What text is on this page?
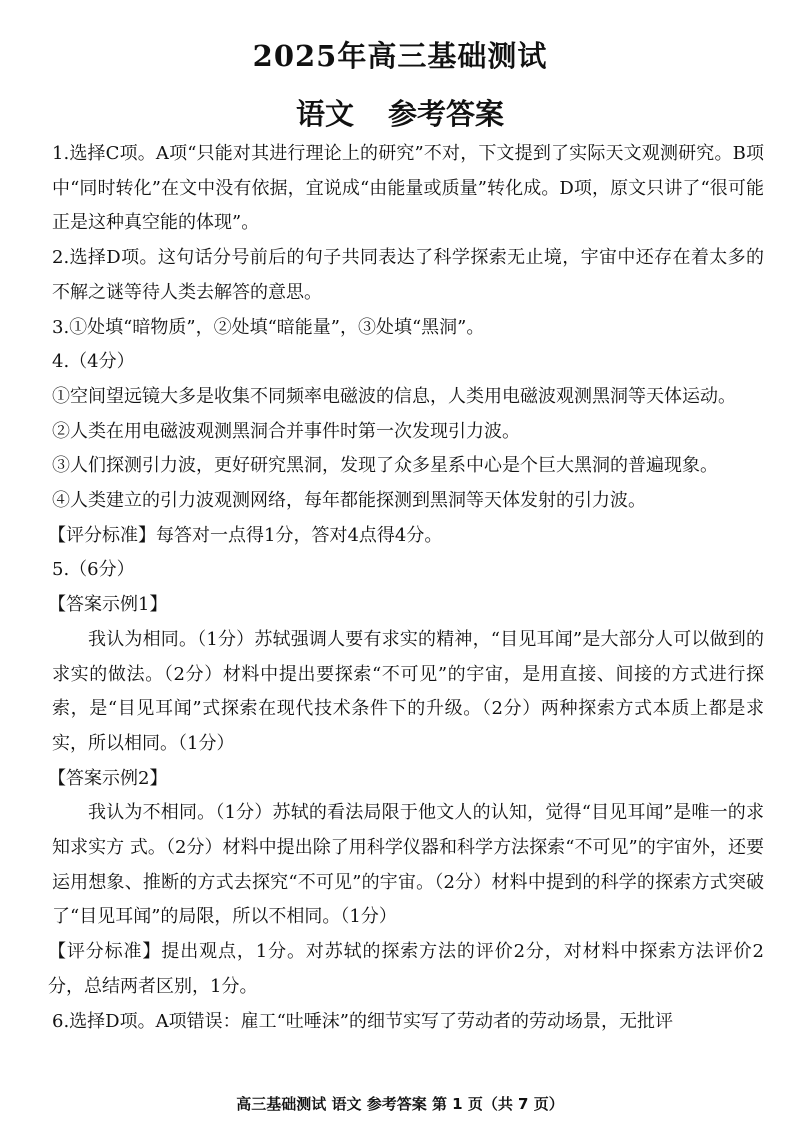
2025年高三基础测试
语文 参考答案

1.选择C项。A项“只能对其进行理论上的研究”不对，下文提到了实际天文观测研究。B项中“同时转化”在文中没有依据，宜说成“由能量或质量”转化成。D项，原文只讲了“很可能正是这种真空能的体现”。

2.选择D项。这句话分号前后的句子共同表达了科学探索无止境，宇宙中还存在着太多的不解之谜等待人类去解答的意思。

3.①处填“暗物质”，②处填“暗能量”，③处填“黑洞”。

4.（4分）

①空间望远镜大多是收集不同频率电磁波的信息，人类用电磁波观测黑洞等天体运动。

②人类在用电磁波观测黑洞合并事件时第一次发现引力波。

③人们探测引力波，更好研究黑洞，发现了众多星系中心是个巨大黑洞的普遍现象。

④人类建立的引力波观测网络，每年都能探测到黑洞等天体发射的引力波。

【评分标准】每答对一点得1分，答对4点得4分。

5.（6分）

【答案示例1】

我认为相同。（1分）苏轼强调人要有求实的精神，“目见耳闻”是大部分人可以做到的求实的做法。（2分）材料中提出要探索“不可见”的宇宙，是用直接、间接的方式进行探索，是“目见耳闻”式探索在现代技术条件下的升级。（2分）两种探索方式本质上都是求实，所以相同。（1分）

【答案示例2】

我认为不相同。（1分）苏轼的看法局限于他文人的认知，觉得“目见耳闻”是唯一的求知求实方 式。（2分）材料中提出除了用科学仪器和科学方法探索“不可见”的宇宙外，还要运用想象、推断的方式去探究“不可见”的宇宙。（2分）材料中提到的科学的探索方式突破了“目见耳闻”的局限，所以不相同。（1分）

【评分标准】提出观点，1分。对苏轼的探索方法的评价2分，对材料中探索方法评价2分，总结两者区别，1分。

6.选择D项。A项错误：雇工“吐唾沫”的细节实写了劳动者的劳动场景，无批评

高三基础测试 语文 参考答案 第 1 页（共 7 页）
